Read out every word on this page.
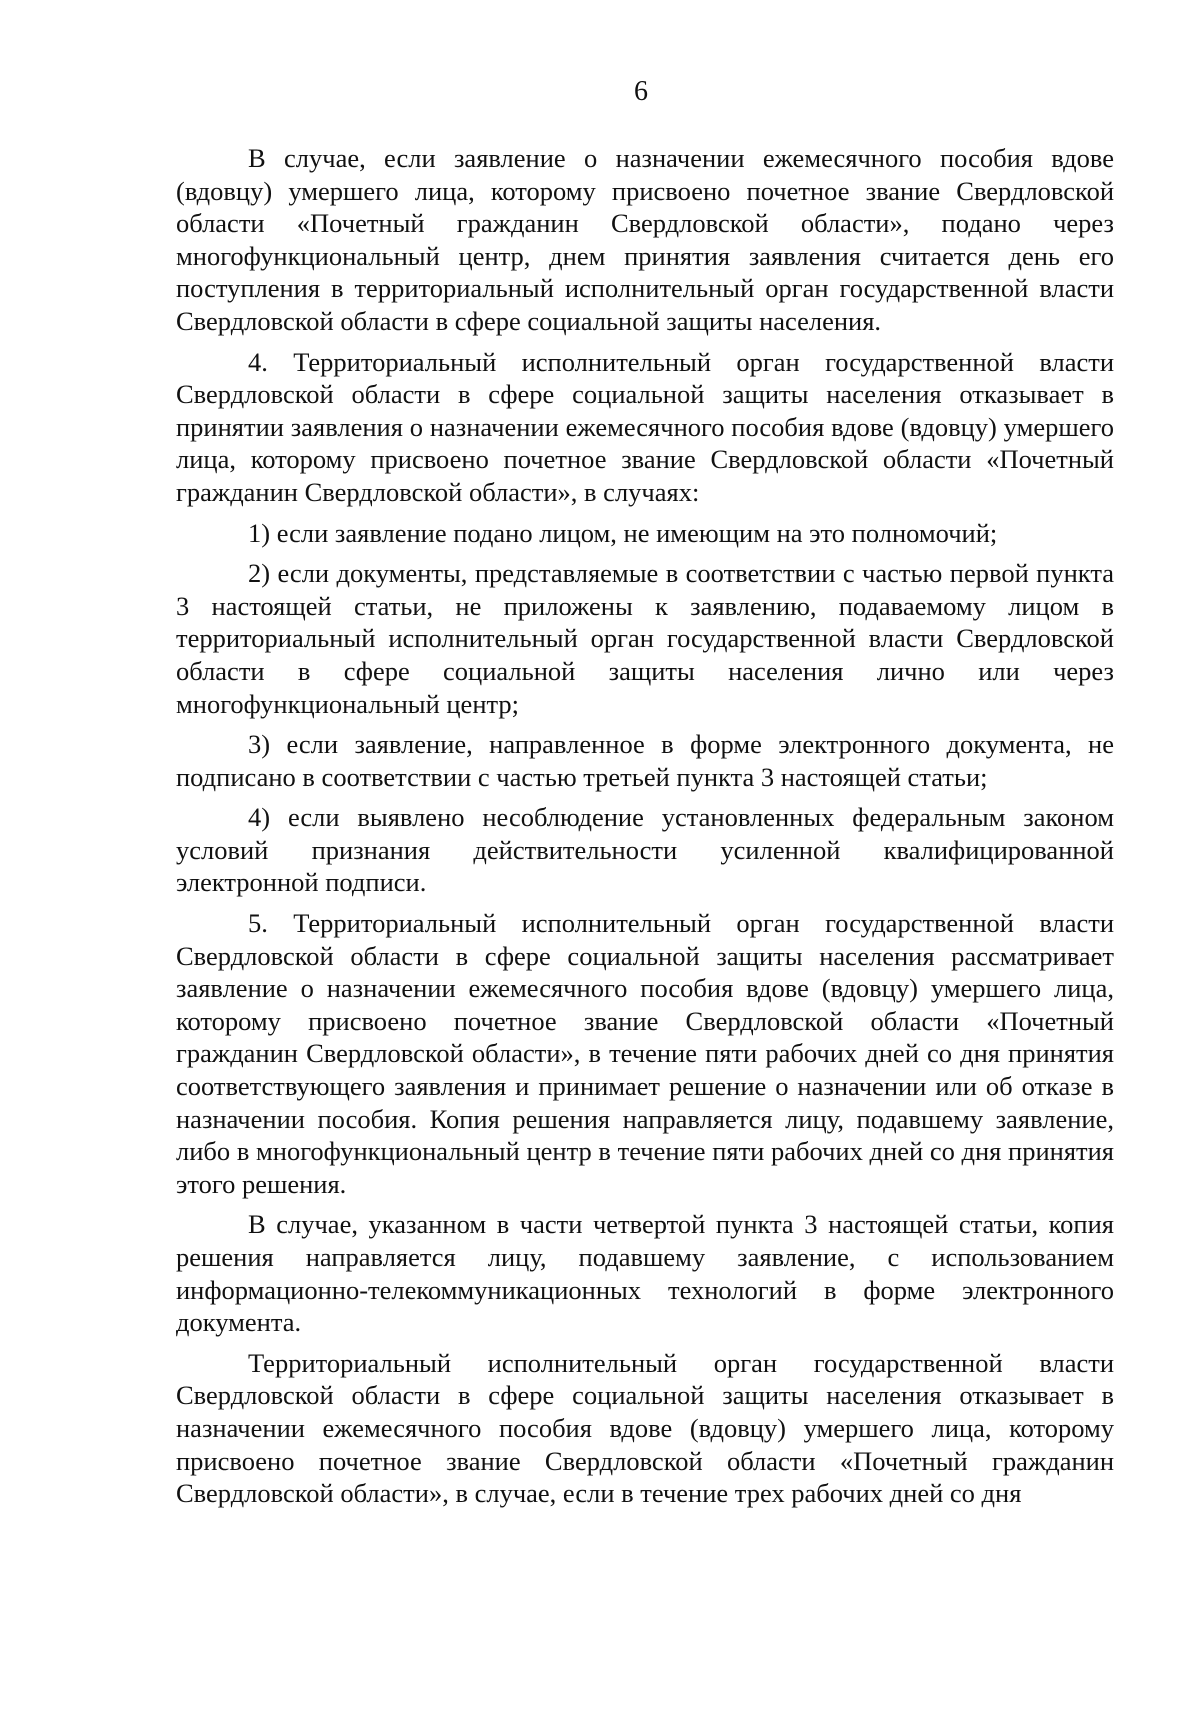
6

В случае, если заявление о назначении ежемесячного пособия вдове (вдовцу) умершего лица, которому присвоено почетное звание Свердловской области «Почетный гражданин Свердловской области», подано через многофункциональный центр, днем принятия заявления считается день его поступления в территориальный исполнительный орган государственной власти Свердловской области в сфере социальной защиты населения.

4. Территориальный исполнительный орган государственной власти Свердловской области в сфере социальной защиты населения отказывает в принятии заявления о назначении ежемесячного пособия вдове (вдовцу) умершего лица, которому присвоено почетное звание Свердловской области «Почетный гражданин Свердловской области», в случаях:

1) если заявление подано лицом, не имеющим на это полномочий;

2) если документы, представляемые в соответствии с частью первой пункта 3 настоящей статьи, не приложены к заявлению, подаваемому лицом в территориальный исполнительный орган государственной власти Свердловской области в сфере социальной защиты населения лично или через многофункциональный центр;

3) если заявление, направленное в форме электронного документа, не подписано в соответствии с частью третьей пункта 3 настоящей статьи;

4) если выявлено несоблюдение установленных федеральным законом условий признания действительности усиленной квалифицированной электронной подписи.

5. Территориальный исполнительный орган государственной власти Свердловской области в сфере социальной защиты населения рассматривает заявление о назначении ежемесячного пособия вдове (вдовцу) умершего лица, которому присвоено почетное звание Свердловской области «Почетный гражданин Свердловской области», в течение пяти рабочих дней со дня принятия соответствующего заявления и принимает решение о назначении или об отказе в назначении пособия. Копия решения направляется лицу, подавшему заявление, либо в многофункциональный центр в течение пяти рабочих дней со дня принятия этого решения.

В случае, указанном в части четвертой пункта 3 настоящей статьи, копия решения направляется лицу, подавшему заявление, с использованием информационно-телекоммуникационных технологий в форме электронного документа.

Территориальный исполнительный орган государственной власти Свердловской области в сфере социальной защиты населения отказывает в назначении ежемесячного пособия вдове (вдовцу) умершего лица, которому присвоено почетное звание Свердловской области «Почетный гражданин Свердловской области», в случае, если в течение трех рабочих дней со дня
